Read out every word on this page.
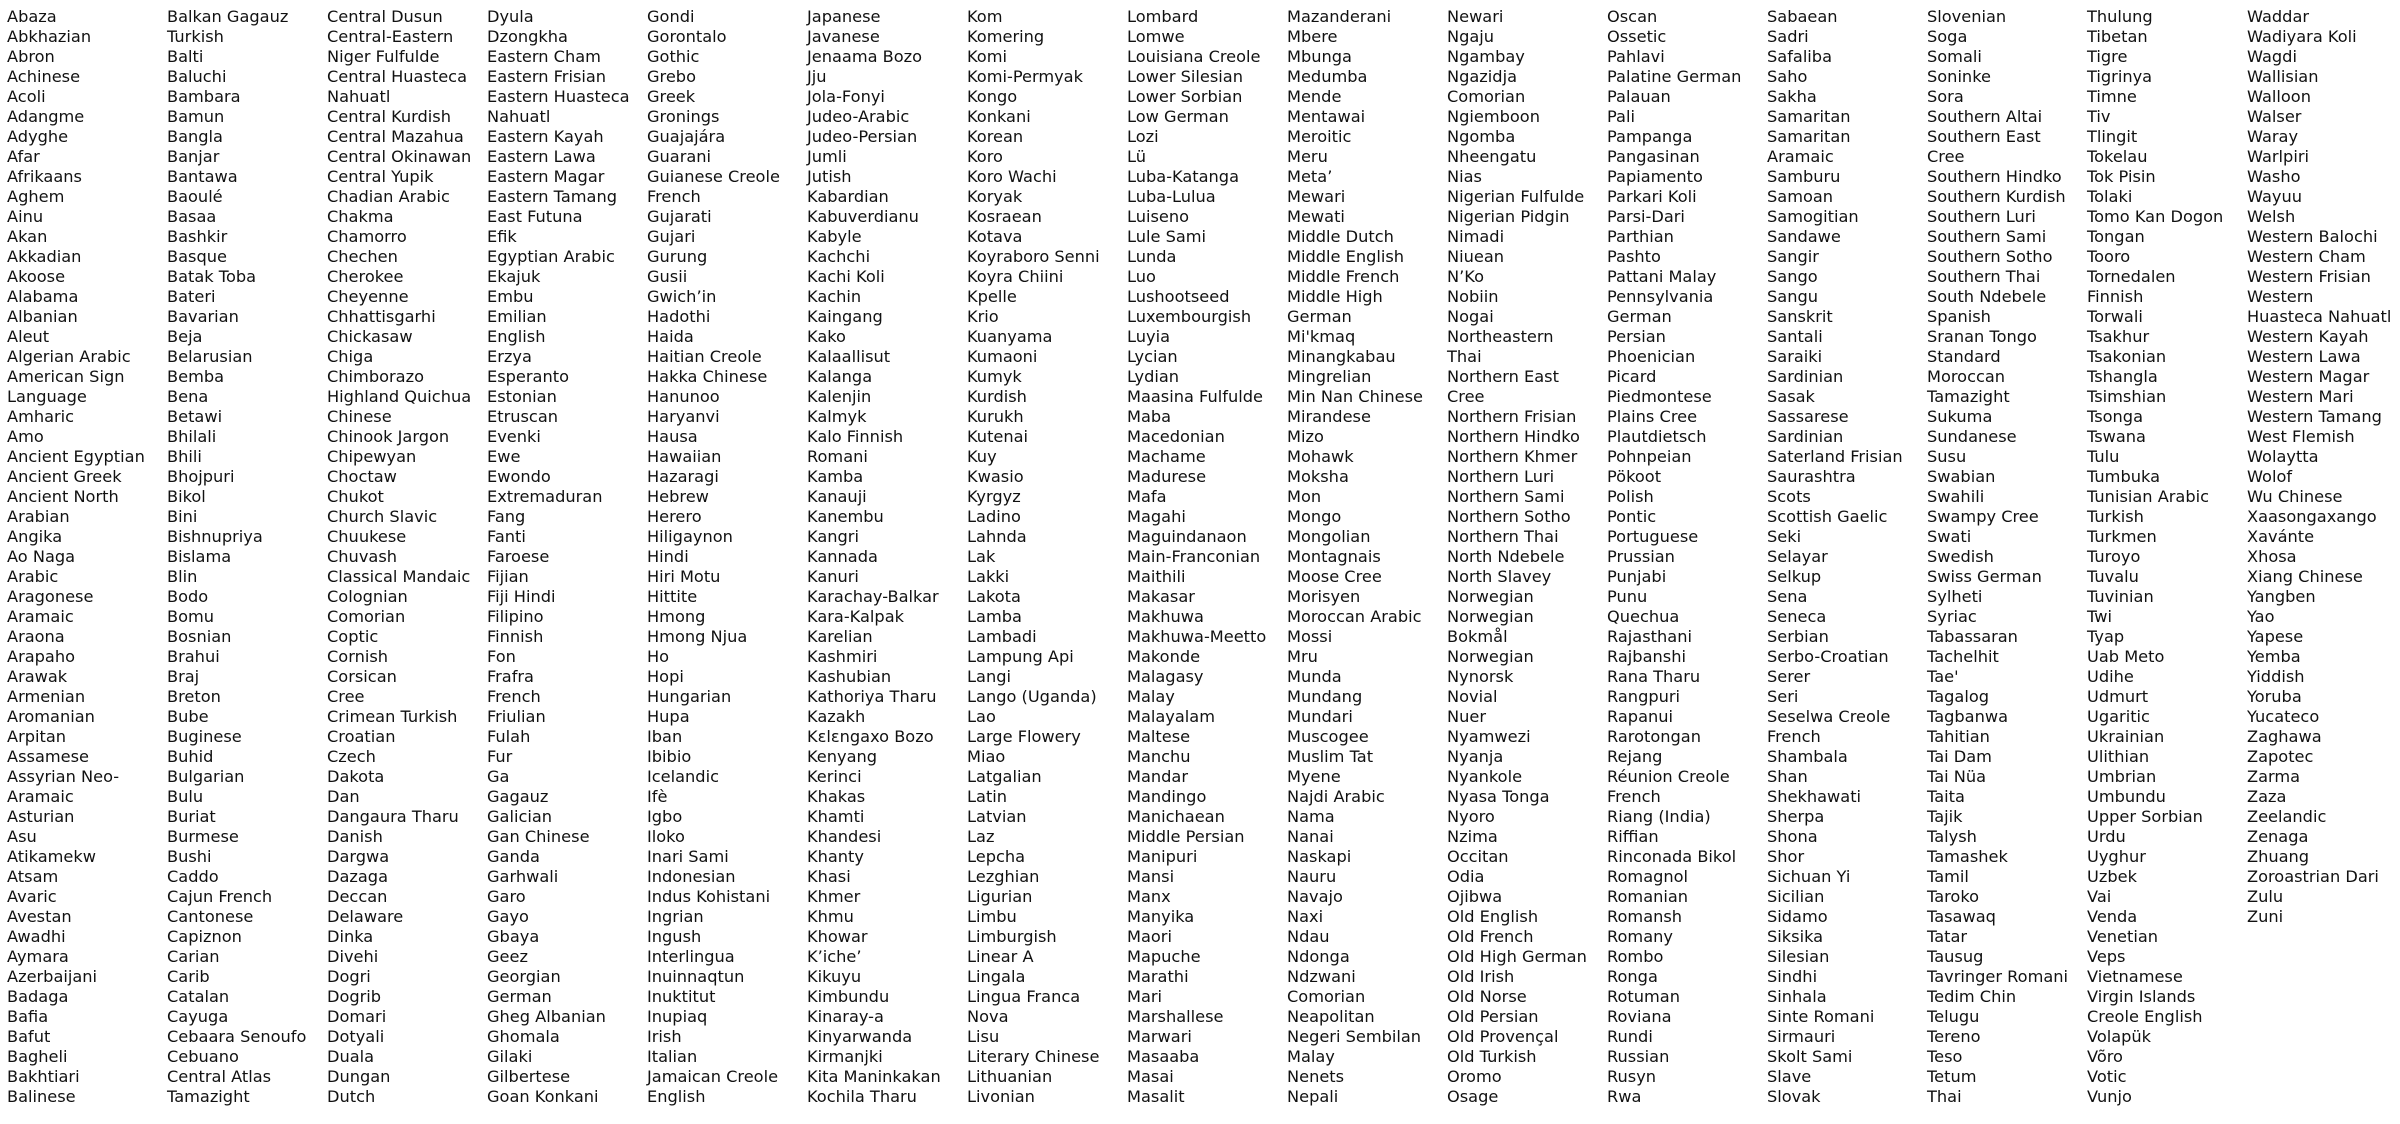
Abaza
Abkhazian
Abron
Achinese
Acoli
Adangme
Adyghe
Afar
Afrikaans
Aghem
Ainu
Akan
Akkadian
Akoose
Alabama
Albanian
Aleut
Algerian Arabic
American Sign
Language
Amharic
Amo
Ancient Egyptian
Ancient Greek
Ancient North
Arabian
Angika
Ao Naga
Arabic
Aragonese
Aramaic
Araona
Arapaho
Arawak
Armenian
Aromanian
Arpitan
Assamese
Assyrian Neo-
Aramaic
Asturian
Asu
Atikamekw
Atsam
Avaric
Avestan
Awadhi
Aymara
Azerbaijani
Badaga
Bafia
Bafut
Bagheli
Bakhtiari
Balinese
Balkan Gagauz
Turkish
Balti
Baluchi
Bambara
Bamun
Bangla
Banjar
Bantawa
Baoulé
Basaa
Bashkir
Basque
Batak Toba
Bateri
Bavarian
Beja
Belarusian
Bemba
Bena
Betawi
Bhilali
Bhili
Bhojpuri
Bikol
Bini
Bishnupriya
Bislama
Blin
Bodo
Bomu
Bosnian
Brahui
Braj
Breton
Bube
Buginese
Buhid
Bulgarian
Bulu
Buriat
Burmese
Bushi
Caddo
Cajun French
Cantonese
Capiznon
Carian
Carib
Catalan
Cayuga
Cebaara Senoufo
Cebuano
Central Atlas
Tamazight
Central Dusun
Central-Eastern
Niger Fulfulde
Central Huasteca
Nahuatl
Central Kurdish
Central Mazahua
Central Okinawan
Central Yupik
Chadian Arabic
Chakma
Chamorro
Chechen
Cherokee
Cheyenne
Chhattisgarhi
Chickasaw
Chiga
Chimborazo
Highland Quichua
Chinese
Chinook Jargon
Chipewyan
Choctaw
Chukot
Church Slavic
Chuukese
Chuvash
Classical Mandaic
Colognian
Comorian
Coptic
Cornish
Corsican
Cree
Crimean Turkish
Croatian
Czech
Dakota
Dan
Dangaura Tharu
Danish
Dargwa
Dazaga
Deccan
Delaware
Dinka
Divehi
Dogri
Dogrib
Domari
Dotyali
Duala
Dungan
Dutch
Dyula
Dzongkha
Eastern Cham
Eastern Frisian
Eastern Huasteca
Nahuatl
Eastern Kayah
Eastern Lawa
Eastern Magar
Eastern Tamang
East Futuna
Efik
Egyptian Arabic
Ekajuk
Embu
Emilian
English
Erzya
Esperanto
Estonian
Etruscan
Evenki
Ewe
Ewondo
Extremaduran
Fang
Fanti
Faroese
Fijian
Fiji Hindi
Filipino
Finnish
Fon
Frafra
French
Friulian
Fulah
Fur
Ga
Gagauz
Galician
Gan Chinese
Ganda
Garhwali
Garo
Gayo
Gbaya
Geez
Georgian
German
Gheg Albanian
Ghomala
Gilaki
Gilbertese
Goan Konkani
Gondi
Gorontalo
Gothic
Grebo
Greek
Gronings
Guajajára
Guarani
Guianese Creole
French
Gujarati
Gujari
Gurung
Gusii
Gwich’in
Hadothi
Haida
Haitian Creole
Hakka Chinese
Hanunoo
Haryanvi
Hausa
Hawaiian
Hazaragi
Hebrew
Herero
Hiligaynon
Hindi
Hiri Motu
Hittite
Hmong
Hmong Njua
Ho
Hopi
Hungarian
Hupa
Iban
Ibibio
Icelandic
Ifè
Igbo
Iloko
Inari Sami
Indonesian
Indus Kohistani
Ingrian
Ingush
Interlingua
Inuinnaqtun
Inuktitut
Inupiaq
Irish
Italian
Jamaican Creole
English
Japanese
Javanese
Jenaama Bozo
Jju
Jola-Fonyi
Judeo-Arabic
Judeo-Persian
Jumli
Jutish
Kabardian
Kabuverdianu
Kabyle
Kachchi
Kachi Koli
Kachin
Kaingang
Kako
Kalaallisut
Kalanga
Kalenjin
Kalmyk
Kalo Finnish
Romani
Kamba
Kanauji
Kanembu
Kangri
Kannada
Kanuri
Karachay-Balkar
Kara-Kalpak
Karelian
Kashmiri
Kashubian
Kathoriya Tharu
Kazakh
Kɛlɛngaxo Bozo
Kenyang
Kerinci
Khakas
Khamti
Khandesi
Khanty
Khasi
Khmer
Khmu
Khowar
K’iche’
Kikuyu
Kimbundu
Kinaray-a
Kinyarwanda
Kirmanjki
Kita Maninkakan
Kochila Tharu
Kom
Komering
Komi
Komi-Permyak
Kongo
Konkani
Korean
Koro
Koro Wachi
Koryak
Kosraean
Kotava
Koyraboro Senni
Koyra Chiini
Kpelle
Krio
Kuanyama
Kumaoni
Kumyk
Kurdish
Kurukh
Kutenai
Kuy
Kwasio
Kyrgyz
Ladino
Lahnda
Lak
Lakki
Lakota
Lamba
Lambadi
Lampung Api
Langi
Lango (Uganda)
Lao
Large Flowery
Miao
Latgalian
Latin
Latvian
Laz
Lepcha
Lezghian
Ligurian
Limbu
Limburgish
Linear A
Lingala
Lingua Franca
Nova
Lisu
Literary Chinese
Lithuanian
Livonian
Lombard
Lomwe
Louisiana Creole
Lower Silesian
Lower Sorbian
Low German
Lozi
Lü
Luba-Katanga
Luba-Lulua
Luiseno
Lule Sami
Lunda
Luo
Lushootseed
Luxembourgish
Luyia
Lycian
Lydian
Maasina Fulfulde
Maba
Macedonian
Machame
Madurese
Mafa
Magahi
Maguindanaon
Main-Franconian
Maithili
Makasar
Makhuwa
Makhuwa-Meetto
Makonde
Malagasy
Malay
Malayalam
Maltese
Manchu
Mandar
Mandingo
Manichaean
Middle Persian
Manipuri
Mansi
Manx
Manyika
Maori
Mapuche
Marathi
Mari
Marshallese
Marwari
Masaaba
Masai
Masalit
Mazanderani
Mbere
Mbunga
Medumba
Mende
Mentawai
Meroitic
Meru
Meta’
Mewari
Mewati
Middle Dutch
Middle English
Middle French
Middle High
German
Mi'kmaq
Minangkabau
Mingrelian
Min Nan Chinese
Mirandese
Mizo
Mohawk
Moksha
Mon
Mongo
Mongolian
Montagnais
Moose Cree
Morisyen
Moroccan Arabic
Mossi
Mru
Munda
Mundang
Mundari
Muscogee
Muslim Tat
Myene
Najdi Arabic
Nama
Nanai
Naskapi
Nauru
Navajo
Naxi
Ndau
Ndonga
Ndzwani
Comorian
Neapolitan
Negeri Sembilan
Malay
Nenets
Nepali
Newari
Ngaju
Ngambay
Ngazidja
Comorian
Ngiemboon
Ngomba
Nheengatu
Nias
Nigerian Fulfulde
Nigerian Pidgin
Nimadi
Niuean
N’Ko
Nobiin
Nogai
Northeastern
Thai
Northern East
Cree
Northern Frisian
Northern Hindko
Northern Khmer
Northern Luri
Northern Sami
Northern Sotho
Northern Thai
North Ndebele
North Slavey
Norwegian
Norwegian
Bokmål
Norwegian
Nynorsk
Novial
Nuer
Nyamwezi
Nyanja
Nyankole
Nyasa Tonga
Nyoro
Nzima
Occitan
Odia
Ojibwa
Old English
Old French
Old High German
Old Irish
Old Norse
Old Persian
Old Provençal
Old Turkish
Oromo
Osage
Oscan
Ossetic
Pahlavi
Palatine German
Palauan
Pali
Pampanga
Pangasinan
Papiamento
Parkari Koli
Parsi-Dari
Parthian
Pashto
Pattani Malay
Pennsylvania
German
Persian
Phoenician
Picard
Piedmontese
Plains Cree
Plautdietsch
Pohnpeian
Pökoot
Polish
Pontic
Portuguese
Prussian
Punjabi
Punu
Quechua
Rajasthani
Rajbanshi
Rana Tharu
Rangpuri
Rapanui
Rarotongan
Rejang
Réunion Creole
French
Riang (India)
Riffian
Rinconada Bikol
Romagnol
Romanian
Romansh
Romany
Rombo
Ronga
Rotuman
Roviana
Rundi
Russian
Rusyn
Rwa
Sabaean
Sadri
Safaliba
Saho
Sakha
Samaritan
Samaritan
Aramaic
Samburu
Samoan
Samogitian
Sandawe
Sangir
Sango
Sangu
Sanskrit
Santali
Saraiki
Sardinian
Sasak
Sassarese
Sardinian
Saterland Frisian
Saurashtra
Scots
Scottish Gaelic
Seki
Selayar
Selkup
Sena
Seneca
Serbian
Serbo-Croatian
Serer
Seri
Seselwa Creole
French
Shambala
Shan
Shekhawati
Sherpa
Shona
Shor
Sichuan Yi
Sicilian
Sidamo
Siksika
Silesian
Sindhi
Sinhala
Sinte Romani
Sirmauri
Skolt Sami
Slave
Slovak
Slovenian
Soga
Somali
Soninke
Sora
Southern Altai
Southern East
Cree
Southern Hindko
Southern Kurdish
Southern Luri
Southern Sami
Southern Sotho
Southern Thai
South Ndebele
Spanish
Sranan Tongo
Standard
Moroccan
Tamazight
Sukuma
Sundanese
Susu
Swabian
Swahili
Swampy Cree
Swati
Swedish
Swiss German
Sylheti
Syriac
Tabassaran
Tachelhit
Tae'
Tagalog
Tagbanwa
Tahitian
Tai Dam
Tai Nüa
Taita
Tajik
Talysh
Tamashek
Tamil
Taroko
Tasawaq
Tatar
Tausug
Tavringer Romani
Tedim Chin
Telugu
Tereno
Teso
Tetum
Thai
Thulung
Tibetan
Tigre
Tigrinya
Timne
Tiv
Tlingit
Tokelau
Tok Pisin
Tolaki
Tomo Kan Dogon
Tongan
Tooro
Tornedalen
Finnish
Torwali
Tsakhur
Tsakonian
Tshangla
Tsimshian
Tsonga
Tswana
Tulu
Tumbuka
Tunisian Arabic
Turkish
Turkmen
Turoyo
Tuvalu
Tuvinian
Twi
Tyap
Uab Meto
Udihe
Udmurt
Ugaritic
Ukrainian
Ulithian
Umbrian
Umbundu
Upper Sorbian
Urdu
Uyghur
Uzbek
Vai
Venda
Venetian
Veps
Vietnamese
Virgin Islands
Creole English
Volapük
Võro
Votic
Vunjo
Waddar
Wadiyara Koli
Wagdi
Wallisian
Walloon
Walser
Waray
Warlpiri
Washo
Wayuu
Welsh
Western Balochi
Western Cham
Western Frisian
Western
Huasteca Nahuatl
Western Kayah
Western Lawa
Western Magar
Western Mari
Western Tamang
West Flemish
Wolaytta
Wolof
Wu Chinese
Xaasongaxango
Xavánte
Xhosa
Xiang Chinese
Yangben
Yao
Yapese
Yemba
Yiddish
Yoruba
Yucateco
Zaghawa
Zapotec
Zarma
Zaza
Zeelandic
Zenaga
Zhuang
Zoroastrian Dari
Zulu
Zuni
